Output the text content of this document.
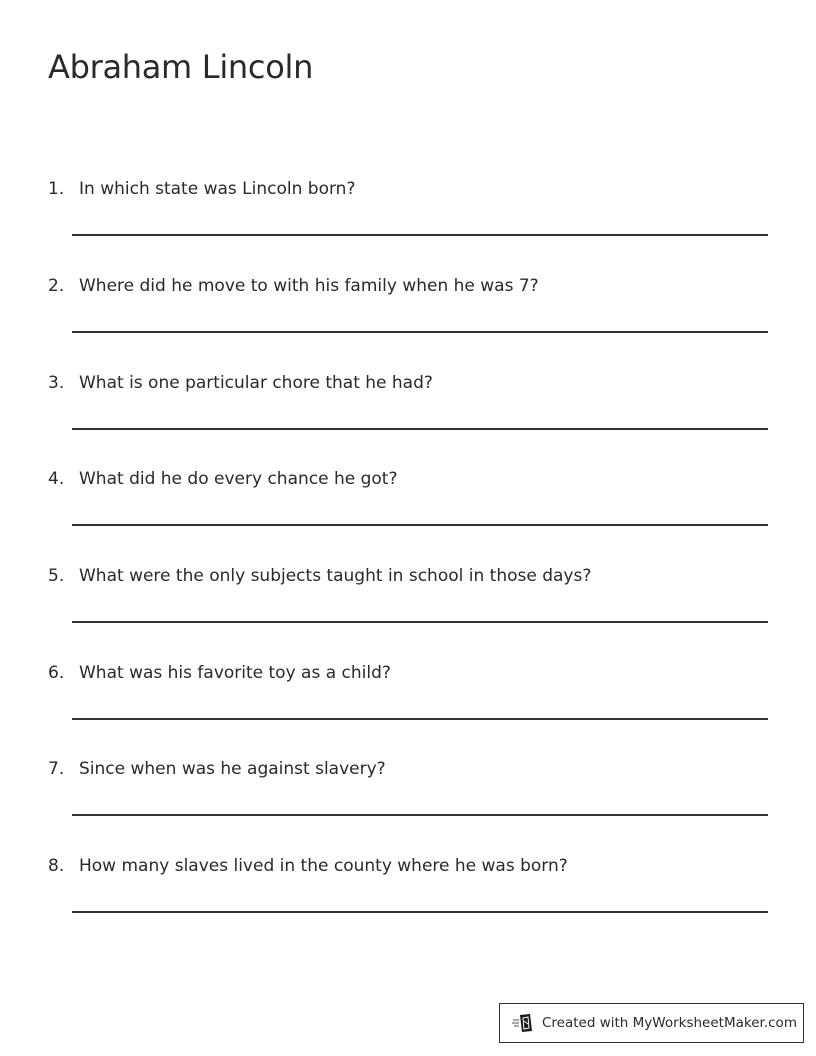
Abraham Lincoln
1. In which state was Lincoln born?
2. Where did he move to with his family when he was 7?
3. What is one particular chore that he had?
4. What did he do every chance he got?
5. What were the only subjects taught in school in those days?
6. What was his favorite toy as a child?
7. Since when was he against slavery?
8. How many slaves lived in the county where he was born?
Created with MyWorksheetMaker.com
